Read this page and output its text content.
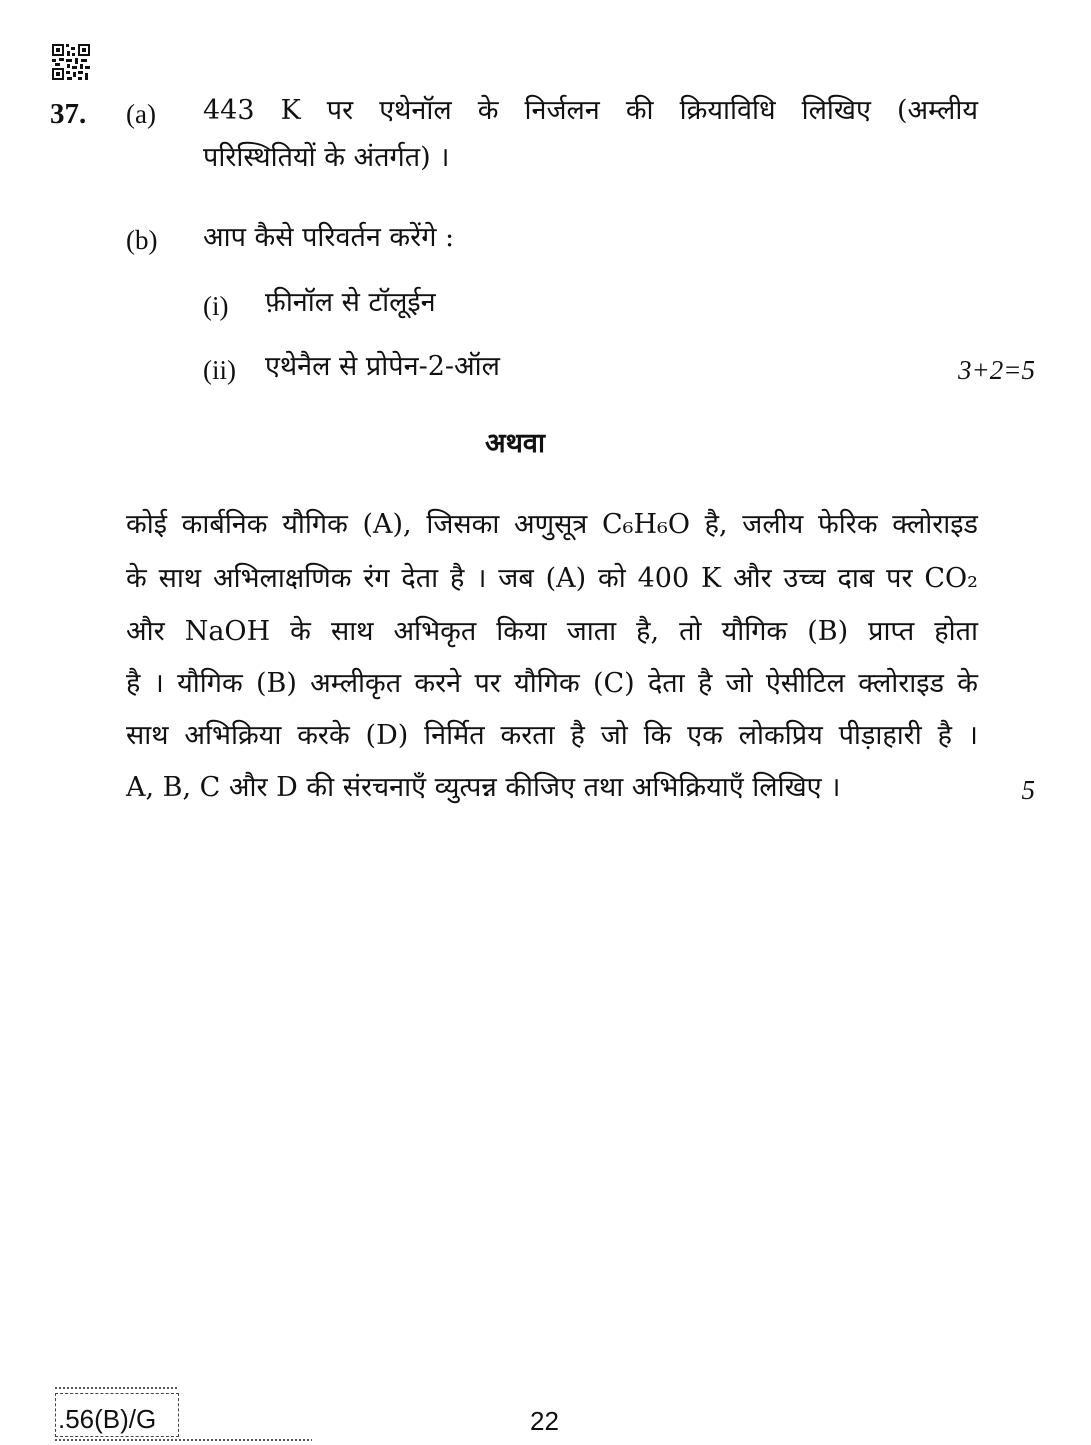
37. (a) 443 K पर एथेनॉल के निर्जलन की क्रियाविधि लिखिए (अम्लीय
परिस्थितियों के अंतर्गत) ।
(b) आप कैसे परिवर्तन करेंगे :
(i) फ़ीनॉल से टॉलूईन
(ii) एथेनैल से प्रोपेन-2-ऑल	3+2=5
अथवा
कोई कार्बनिक यौगिक (A), जिसका अणुसूत्र C₆H₆O है, जलीय फेरिक क्लोराइड
के साथ अभिलाक्षणिक रंग देता है । जब (A) को 400 K और उच्च दाब पर CO₂
और NaOH के साथ अभिकृत किया जाता है, तो यौगिक (B) प्राप्त होता
है । यौगिक (B) अम्लीकृत करने पर यौगिक (C) देता है जो ऐसीटिल क्लोराइड के
साथ अभिक्रिया करके (D) निर्मित करता है जो कि एक लोकप्रिय पीड़ाहारी है ।
A, B, C और D की संरचनाएँ व्युत्पन्न कीजिए तथा अभिक्रियाएँ लिखिए ।	5
.56(B)/G	22
